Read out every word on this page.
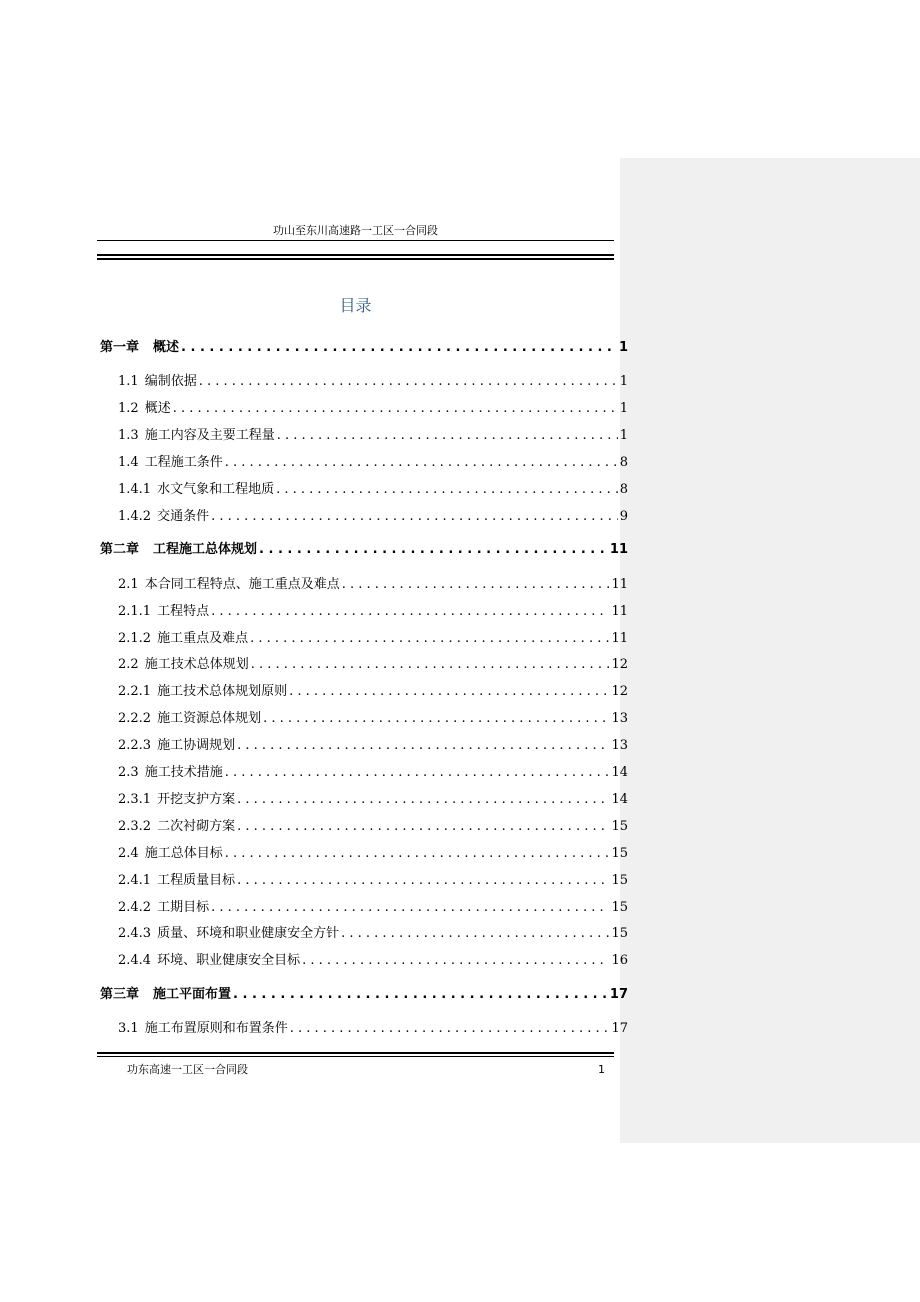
功山至东川高速路一工区一合同段
目录
第一章 概述 . . .	1
1.1 编制依据 . . .	1
1.2 概述 . . .	1
1.3 施工内容及主要工程量 . . .	1
1.4 工程施工条件 . . .	8
1.4.1 水文气象和工程地质 . . .	8
1.4.2 交通条件 . . .	9
第二章 工程施工总体规划 . . .	11
2.1 本合同工程特点、施工重点及难点 . . .	11
2.1.1 工程特点 . . .	11
2.1.2 施工重点及难点 . . .	11
2.2 施工技术总体规划 . . .	12
2.2.1 施工技术总体规划原则 . . .	12
2.2.2 施工资源总体规划 . . .	13
2.2.3 施工协调规划 . . .	13
2.3 施工技术措施 . . .	14
2.3.1 开挖支护方案 . . .	14
2.3.2 二次衬砌方案 . . .	15
2.4 施工总体目标 . . .	15
2.4.1 工程质量目标 . . .	15
2.4.2 工期目标 . . .	15
2.4.3 质量、环境和职业健康安全方针 . . .	15
2.4.4 环境、职业健康安全目标 . . .	16
第三章 施工平面布置 . . .	17
3.1 施工布置原则和布置条件 . . .	17
功东高速一工区一合同段	1
